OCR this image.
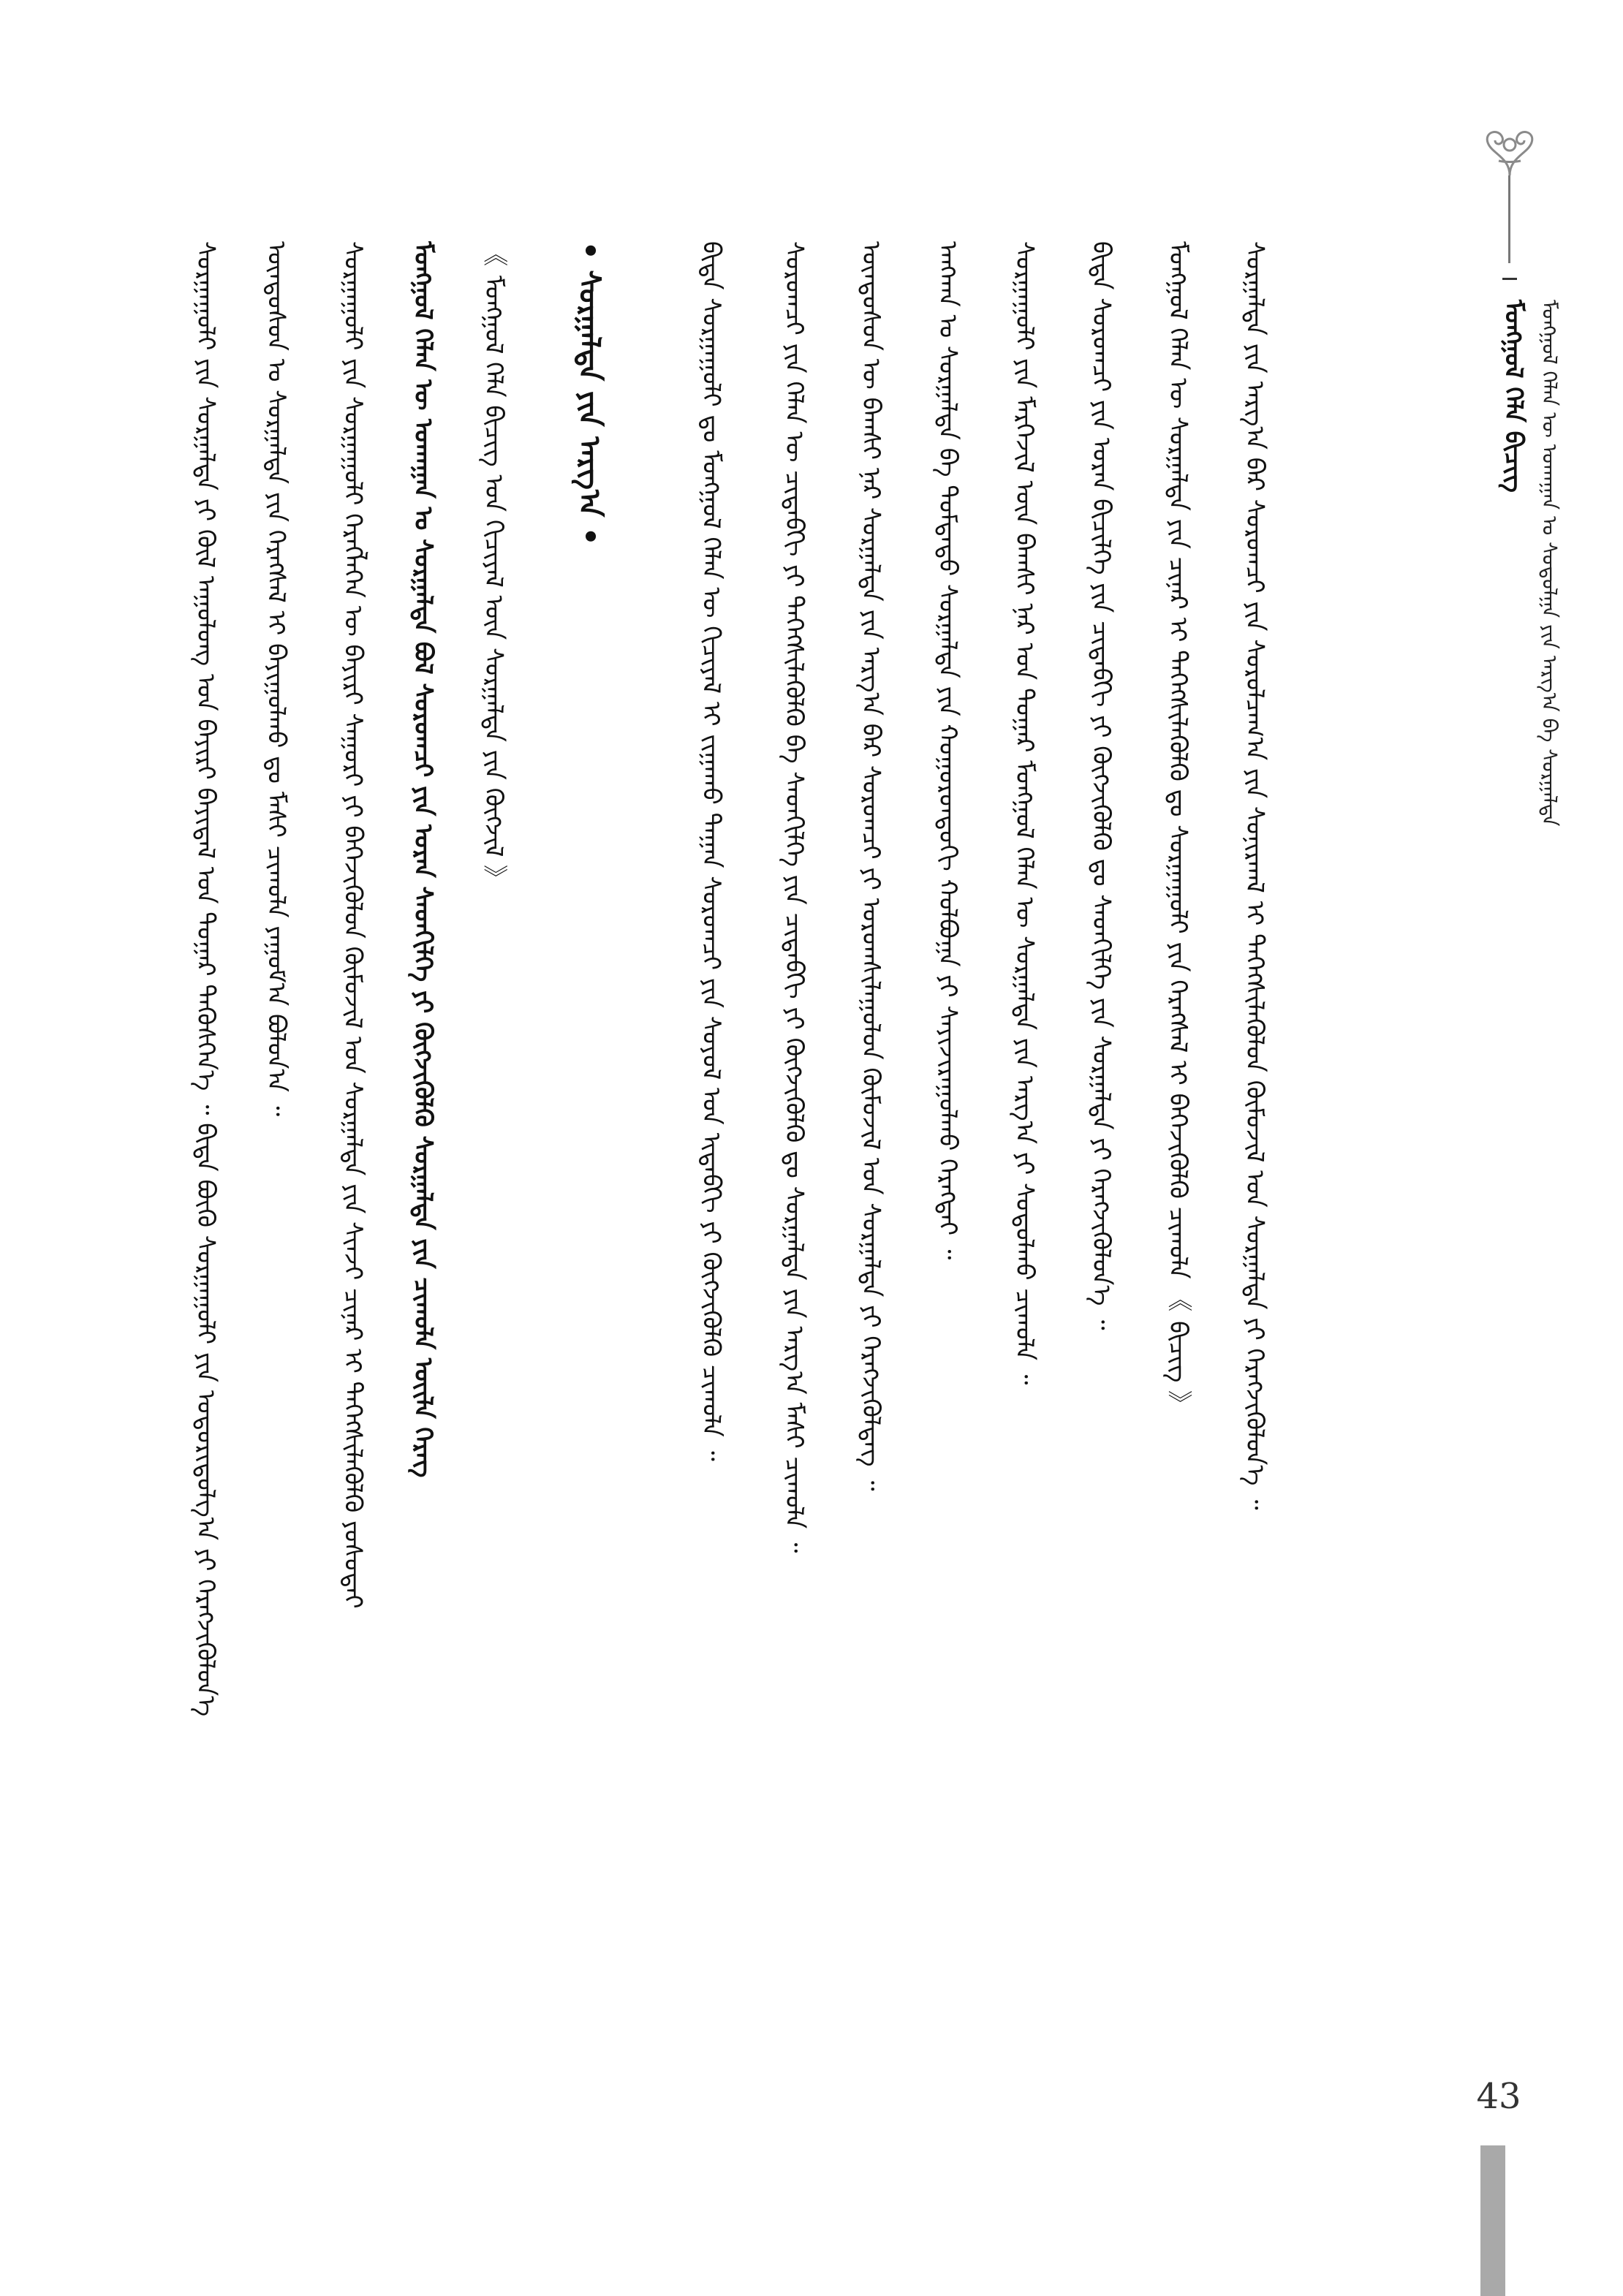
ᠮᠣᠩᠭᠣᠯ ᠬᠡᠯᠡ ᠪᠢᠴᠢᠭ ᠮᠣᠩᠭᠣᠯ ᠬᠡᠯᠡᠨ ᠦ ᠤᠬᠠᠭᠠᠨ ᠤ ᠰᠤᠳᠤᠯᠭᠠ ᠶᠢᠨ ᠠᠷᠭ᠎ᠠ ᠪᠠ ᠰᠤᠷᠭᠠᠯᠲᠠ
ᠰᠤᠷᠭᠠᠭᠤᠯᠢ ᠶᠢᠨ ᠰᠤᠷᠭᠠᠯᠲᠠ ᠶᠢ ᠬᠦᠯ ᠠᠭᠤᠯᠤᠩ ᠤᠨ ᠪᠠᠶᠢᠷᠢ ᠪᠠᠶᠢᠳᠠᠯ ᠤᠨ ᠳᠤᠭᠠᠷ ᠲᠡᠭᠦᠰᠭᠡᠨ᠎ᠡ ᠃ ᠪᠢᠳᠡ ᠪᠦᠬᠦ ᠰᠤᠷᠭᠠᠭᠤᠯᠢ ᠶᠢᠨ ᠤᠳᠤᠷᠢᠳᠤᠯᠭ᠎ᠠ ᠶᠢ ᠬᠡᠷᠡᠭᠵᠢᠭᠦᠯᠦᠨ᠎ᠡ	ᠦᠨᠳᠦᠰᠦᠨ ᠤ ᠰᠤᠷᠭᠠᠯᠲᠠ ᠶᠢᠨ ᠬᠡᠷᠡᠭᠰᠡᠯ ᠢ ᠪᠠᠶᠢᠭᠤᠯᠬᠤ ᠳᠤ ᠮᠠᠰᠢ ᠴᠢᠬᠤᠯᠠ ᠶᠠᠭᠤᠮ᠎ᠠ ᠪᠣᠯᠤᠨ᠎ᠠ ᠃	ᠰᠤᠷᠭᠠᠭᠤᠯᠢ ᠶᠢᠨ ᠰᠤᠷᠭᠠᠭᠤᠯᠢ ᠬᠡᠷᠡᠭᠯᠡᠭᠡᠨ ᠦ ᠪᠠᠶᠢᠷᠢ ᠰᠠᠭᠤᠷᠢ ᠶᠢ ᠪᠡᠬᠡᠵᠢᠭᠦᠯᠦᠨ ᠬᠦᠮᠦᠵᠢᠯ ᠤᠨ ᠰᠤᠷᠭᠠᠯᠲᠠ ᠶᠢᠨ ᠰᠢᠨᠵᠢ ᠴᠢᠨᠠᠷ ᠢ ᠳᠡᠭᠡᠭᠰᠢᠯᠡᠭᠦᠯᠬᠦ ᠶᠤᠰᠤᠲᠠᠢ	ᠮᠣᠩᠭᠣᠯ ᠬᠡᠯᠡᠨ ᠦ ᠤᠬᠠᠭᠠᠨ ᠤ ᠰᠤᠷᠭᠠᠯᠲᠠ ᠪᠣᠯ ᠰᠤᠷᠤᠭᠴᠢ ᠶᠢᠨ ᠤᠷᠠᠨ ᠰᠡᠳᠬᠢᠯᠭᠡ ᠶᠢ ᠬᠦᠭᠵᠢᠭᠦᠯᠬᠦ ᠰᠤᠷᠭᠠᠯᠲᠠ ᠶᠢᠨ ᠴᠢᠬᠤᠯᠠ ᠦᠢᠯᠡ ᠬᠡᠷᠡᠭ	《 ᠮᠣᠩᠭᠣᠯ ᠬᠡᠯᠡ ᠪᠢᠴᠢᠭ ᠤᠨ ᠬᠢᠴᠢᠶᠡᠯ ᠦᠨ ᠰᠤᠷᠭᠠᠯᠲᠠ ᠶᠢᠨ ᠬᠦᠭᠵᠢᠯ 》 • ᠰᠤᠷᠭᠠᠯᠲᠠ ᠶᠢᠨ ᠠᠷᠭ᠎ᠠ •	ᠪᠢᠳᠡ ᠰᠤᠷᠭᠠᠭᠤᠯᠢ ᠳᠤ ᠮᠣᠩᠭᠣᠯ ᠬᠡᠯᠡᠨ ᠦ ᠬᠢᠴᠢᠶᠡᠯ ᠢ ᠵᠢᠭᠠᠬᠤ ᠳᠠᠭᠠᠨ ᠰᠤᠷᠤᠭᠴᠢ ᠶᠢᠨ ᠰᠤᠶᠤᠯ ᠤᠨ ᠢᠳᠡᠪᠬᠢ ᠶᠢ ᠬᠦᠭᠵᠢᠭᠦᠯᠬᠦ ᠴᠢᠬᠤᠯᠠ ᠃	ᠰᠤᠷᠤᠭᠴᠢ ᠶᠢᠨ ᠬᠡᠯᠡᠨ ᠦ ᠴᠢᠳᠠᠪᠬᠢ ᠶᠢ ᠳᠡᠭᠡᠭᠰᠢᠯᠡᠭᠦᠯᠬᠦ ᠪᠠ ᠰᠡᠳᠬᠢᠯᠭᠡ ᠶᠢᠨ ᠴᠢᠳᠠᠪᠬᠢ ᠶᠢ ᠬᠦᠭᠵᠢᠭᠦᠯᠬᠦ ᠳᠤ ᠰᠤᠷᠭᠠᠯᠲᠠ ᠶᠢᠨ ᠠᠷᠭ᠎ᠠ ᠮᠠᠰᠢ ᠴᠢᠬᠤᠯᠠ ᠃	ᠦᠨᠳᠦᠰᠦᠨ ᠦ ᠪᠠᠭᠰᠢ ᠨᠠᠷ ᠰᠤᠷᠭᠠᠯᠲᠠ ᠶᠢᠨ ᠠᠷᠭ᠎ᠠ ᠪᠠᠷ ᠰᠤᠷᠤᠭᠴᠢ ᠶᠢ ᠤᠷᠤᠭᠰᠢᠯᠠᠭᠤᠯᠤᠨ ᠬᠦᠮᠦᠵᠢᠯ ᠤᠨ ᠰᠤᠷᠭᠠᠯᠲᠠ ᠶᠢ ᠬᠡᠷᠡᠭᠵᠢᠭᠦᠯᠳᠡᠭ ᠃	ᠠᠩᠬᠠᠨ ᠤ ᠰᠤᠷᠭᠠᠯᠲᠠ ᠪᠠ ᠳᠤᠮᠳᠠᠳᠤ ᠰᠤᠷᠭᠠᠯᠲᠠ ᠶᠢᠨ ᠬᠣᠭᠣᠷᠤᠨᠳᠤᠬᠢ ᠬᠣᠯᠪᠣᠭᠠ ᠶᠢ ᠰᠠᠶᠢᠵᠢᠷᠠᠭᠤᠯᠬᠤ ᠬᠡᠷᠡᠭᠲᠡᠢ ᠃	ᠰᠤᠷᠭᠠᠭᠤᠯᠢ ᠶᠢᠨ ᠮᠡᠷᠭᠡᠵᠢᠯ ᠦᠨ ᠪᠠᠭᠰᠢ ᠨᠠᠷ ᠤᠨ ᠳᠤᠭᠠᠷ ᠮᠣᠩᠭᠣᠯ ᠬᠡᠯᠡᠨ ᠦ ᠰᠤᠷᠭᠠᠯᠲᠠ ᠶᠢᠨ ᠠᠷᠭ᠎ᠠ ᠶᠢ ᠰᠤᠳᠤᠯᠬᠤ ᠴᠢᠬᠤᠯᠠ ᠃	ᠪᠢᠳᠡ ᠰᠤᠷᠤᠭᠴᠢ ᠶᠢᠨ ᠤᠷᠠᠨ ᠪᠢᠴᠢᠯᠭᠡ ᠶᠢᠨ ᠴᠢᠳᠠᠪᠬᠢ ᠶᠢ ᠬᠦᠭᠵᠢᠭᠦᠯᠬᠦ ᠳᠤ ᠰᠡᠳᠬᠢᠯᠭᠡ ᠶᠢᠨ ᠰᠤᠷᠭᠠᠯᠲᠠ ᠶᠢ ᠬᠡᠷᠡᠭᠵᠢᠭᠦᠯᠦᠨ᠎ᠡ ᠃	ᠮᠣᠩᠭᠣᠯ ᠬᠡᠯᠡᠨ ᠦ ᠰᠤᠷᠭᠠᠯᠲᠠ ᠶᠢᠨ ᠴᠢᠨᠠᠷ ᠢ ᠳᠡᠭᠡᠭᠰᠢᠯᠡᠭᠦᠯᠬᠦ ᠳᠤ ᠰᠤᠷᠭᠠᠭᠤᠯᠢ ᠶᠢᠨ ᠬᠡᠷᠡᠭᠰᠡᠯ ᠢ ᠪᠡᠬᠡᠵᠢᠭᠦᠯᠬᠦ ᠴᠢᠬᠤᠯᠠ 《 ᠪᠢᠴᠢᠭ 》	ᠰᠤᠷᠭᠠᠯᠲᠠ ᠶᠢᠨ ᠠᠷᠭ᠎ᠠ ᠪᠠᠷ ᠰᠤᠷᠤᠭᠴᠢ ᠶᠢᠨ ᠰᠤᠷᠤᠯᠴᠠᠭ᠎ᠠ ᠶᠢᠨ ᠰᠣᠨᠢᠷᠬᠠᠯ ᠢ ᠳᠡᠭᠡᠭᠰᠢᠯᠡᠭᠦᠯᠦᠨ ᠬᠦᠮᠦᠵᠢᠯ ᠤᠨ ᠰᠤᠷᠭᠠᠯᠲᠠ ᠶᠢ ᠬᠡᠷᠡᠭᠵᠢᠭᠦᠯᠦᠨ᠎ᠡ ᠃
43
